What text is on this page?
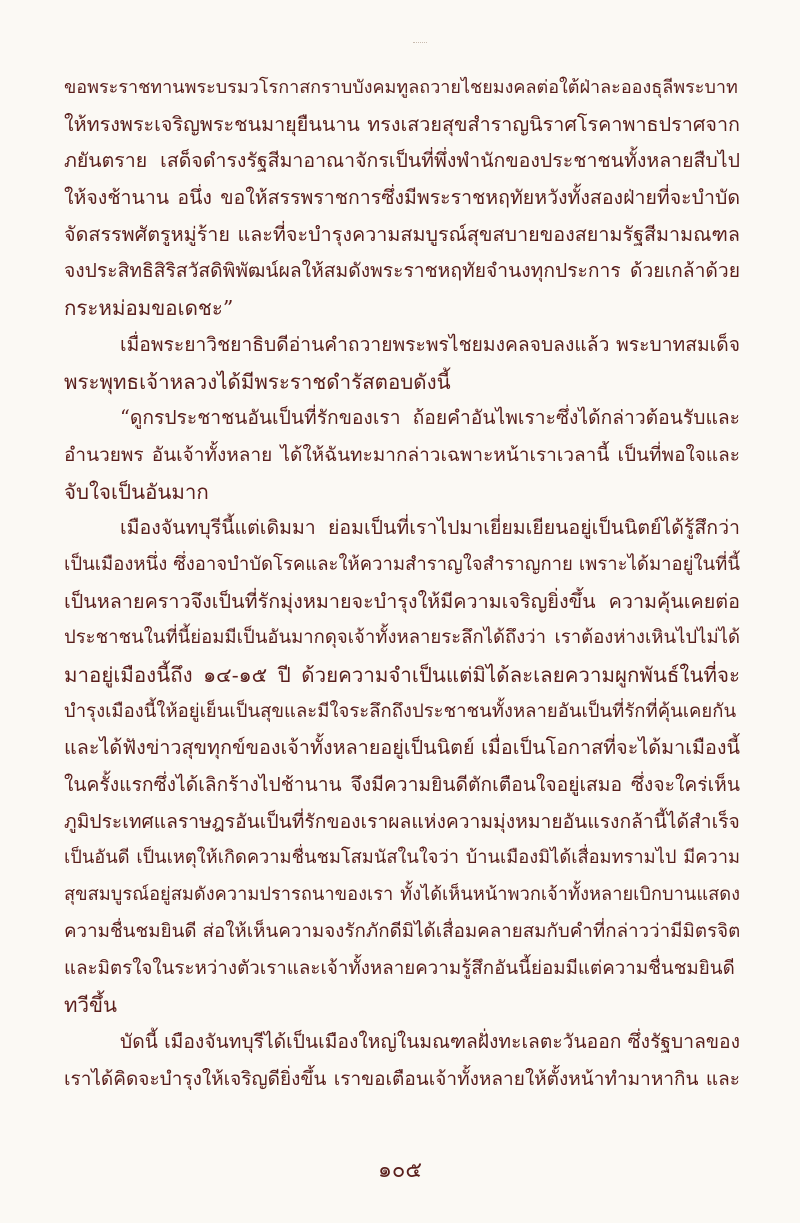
ขอพระราชทานพระบรมวโรกาสกราบบังคมทูลถวายไชยมงคลต่อใต้ฝ่าละอองธุลีพระบาท
ให้ทรงพระเจริญพระชนมายุยืนนาน ทรงเสวยสุขสำราญนิราศโรคาพาธปราศจาก
ภยันตราย เสด็จดำรงรัฐสีมาอาณาจักรเป็นที่พึ่งพำนักของประชาชนทั้งหลายสืบไป
ให้จงช้านาน อนึ่ง ขอให้สรรพราชการซึ่งมีพระราชหฤทัยหวังทั้งสองฝ่ายที่จะบำบัด
จัดสรรพศัตรูหมู่ร้าย และที่จะบำรุงความสมบูรณ์สุขสบายของสยามรัฐสีมามณฑล
จงประสิทธิสิริสวัสดิพิพัฒน์ผลให้สมดังพระราชหฤทัยจำนงทุกประการ ด้วยเกล้าด้วย
กระหม่อมขอเดชะ”
เมื่อพระยาวิชยาธิบดีอ่านคำถวายพระพรไชยมงคลจบลงแล้ว พระบาทสมเด็จ
พระพุทธเจ้าหลวงได้มีพระราชดำรัสตอบดังนี้
“ดูกรประชาชนอันเป็นที่รักของเรา ถ้อยคำอันไพเราะซึ่งได้กล่าวต้อนรับและ
อำนวยพร อันเจ้าทั้งหลาย ได้ให้ฉันทะมากล่าวเฉพาะหน้าเราเวลานี้ เป็นที่พอใจและ
จับใจเป็นอันมาก
เมืองจันทบุรีนี้แต่เดิมมา ย่อมเป็นที่เราไปมาเยี่ยมเยียนอยู่เป็นนิตย์ได้รู้สึกว่า
เป็นเมืองหนึ่ง ซึ่งอาจบำบัดโรคและให้ความสำราญใจสำราญกาย เพราะได้มาอยู่ในที่นี้
เป็นหลายคราวจึงเป็นที่รักมุ่งหมายจะบำรุงให้มีความเจริญยิ่งขึ้น ความคุ้นเคยต่อ
ประชาชนในที่นี้ย่อมมีเป็นอันมากดุจเจ้าทั้งหลายระลึกได้ถึงว่า เราต้องห่างเหินไปไม่ได้
มาอยู่เมืองนี้ถึง ๑๔-๑๕ ปี ด้วยความจำเป็นแต่มิได้ละเลยความผูกพันธ์ในที่จะ
บำรุงเมืองนี้ให้อยู่เย็นเป็นสุขและมีใจระลึกถึงประชาชนทั้งหลายอันเป็นที่รักที่คุ้นเคยกัน
และได้ฟังข่าวสุขทุกข์ของเจ้าทั้งหลายอยู่เป็นนิตย์ เมื่อเป็นโอกาสที่จะได้มาเมืองนี้
ในครั้งแรกซึ่งได้เลิกร้างไปช้านาน จึงมีความยินดีตักเตือนใจอยู่เสมอ ซึ่งจะใคร่เห็น
ภูมิประเทศแลราษฎรอันเป็นที่รักของเราผลแห่งความมุ่งหมายอันแรงกล้านี้ได้สำเร็จ
เป็นอันดี เป็นเหตุให้เกิดความชื่นชมโสมนัสในใจว่า บ้านเมืองมิได้เสื่อมทรามไป มีความ
สุขสมบูรณ์อยู่สมดังความปรารถนาของเรา ทั้งได้เห็นหน้าพวกเจ้าทั้งหลายเบิกบานแสดง
ความชื่นชมยินดี ส่อให้เห็นความจงรักภักดีมิได้เสื่อมคลายสมกับคำที่กล่าวว่ามีมิตรจิต
และมิตรใจในระหว่างตัวเราและเจ้าทั้งหลายความรู้สึกอันนี้ย่อมมีแต่ความชื่นชมยินดี
ทวีขึ้น
บัดนี้ เมืองจันทบุรีได้เป็นเมืองใหญ่ในมณฑลฝั่งทะเลตะวันออก ซึ่งรัฐบาลของ
เราได้คิดจะบำรุงให้เจริญดียิ่งขึ้น เราขอเตือนเจ้าทั้งหลายให้ตั้งหน้าทำมาหากิน และ
๑๐๕
